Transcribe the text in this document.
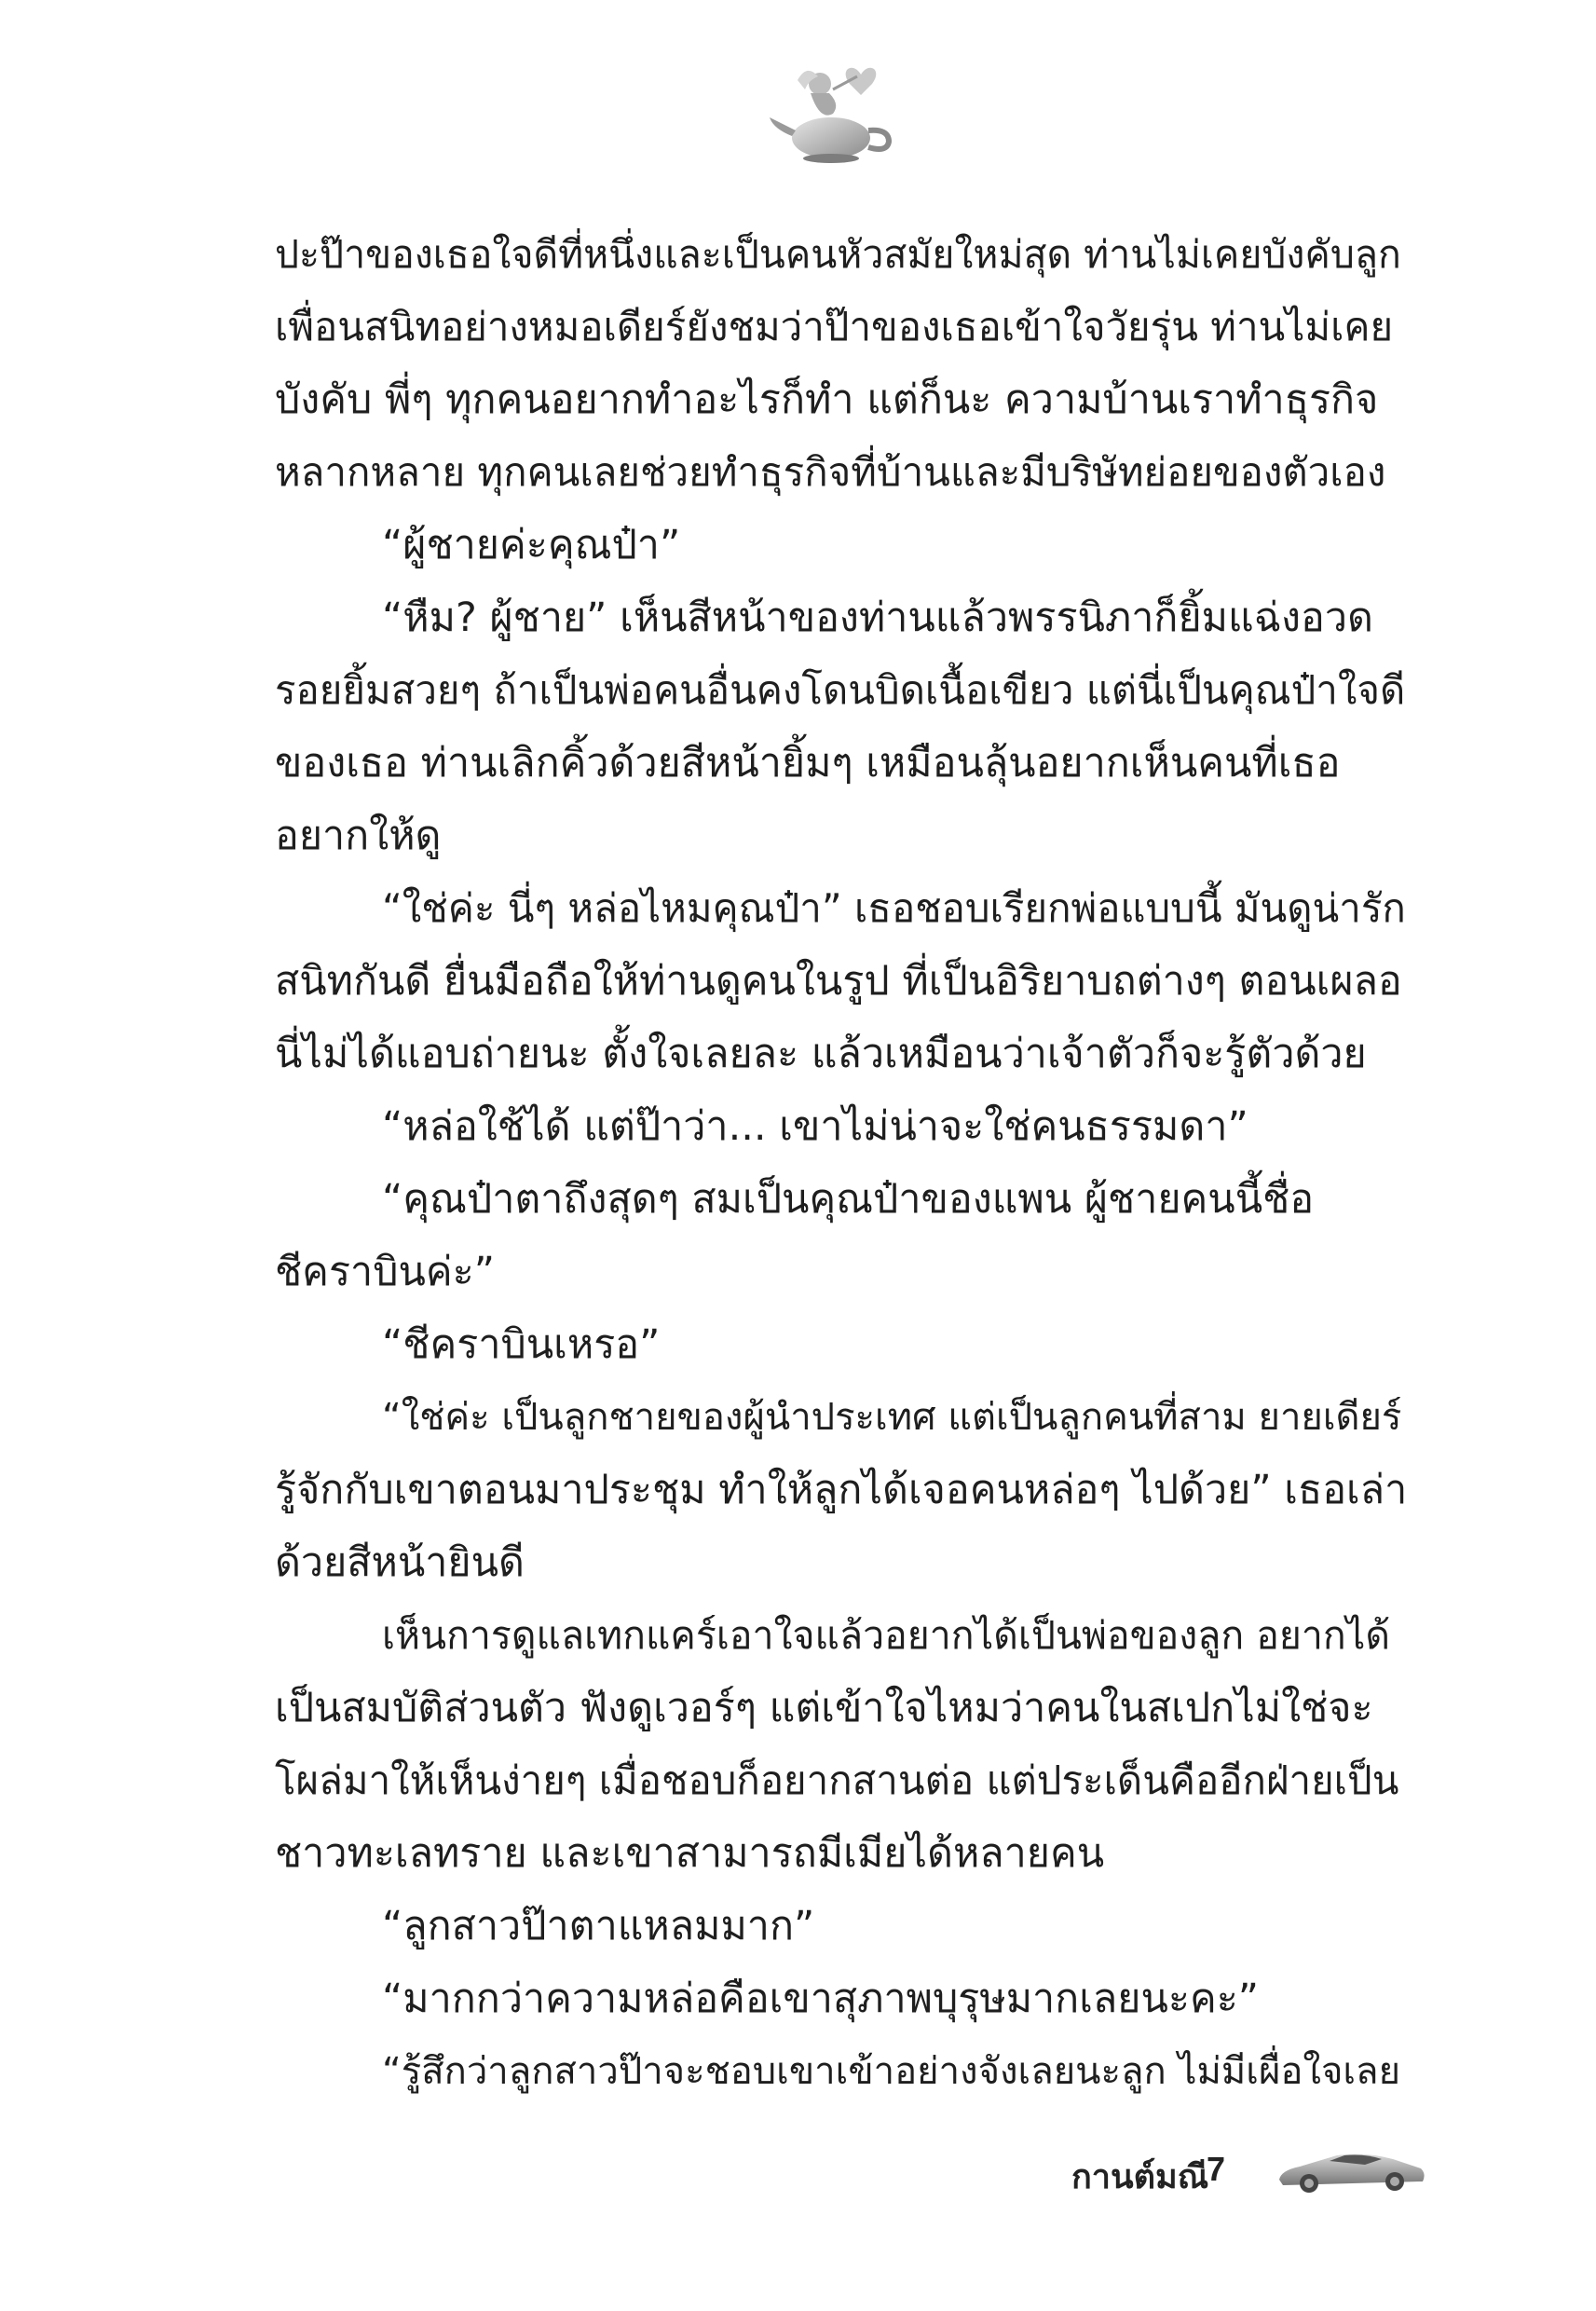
ปะป๊าของเธอใจดีที่หนึ่งและเป็นคนหัวสมัยใหม่สุด ท่านไม่เคยบังคับลูก
เพื่อนสนิทอย่างหมอเดียร์ยังชมว่าป๊าของเธอเข้าใจวัยรุ่น ท่านไม่เคย
บังคับ พี่ๆ ทุกคนอยากทำอะไรก็ทำ แต่ก็นะ ความบ้านเราทำธุรกิจ
หลากหลาย ทุกคนเลยช่วยทำธุรกิจที่บ้านและมีบริษัทย่อยของตัวเอง
“ผู้ชายค่ะคุณป๋า”
“หืม? ผู้ชาย” เห็นสีหน้าของท่านแล้วพรรนิภาก็ยิ้มแฉ่งอวด
รอยยิ้มสวยๆ ถ้าเป็นพ่อคนอื่นคงโดนบิดเนื้อเขียว แต่นี่เป็นคุณป๋าใจดี
ของเธอ ท่านเลิกคิ้วด้วยสีหน้ายิ้มๆ เหมือนลุ้นอยากเห็นคนที่เธอ
อยากให้ดู
“ใช่ค่ะ นี่ๆ หล่อไหมคุณป๋า” เธอชอบเรียกพ่อแบบนี้ มันดูน่ารัก
สนิทกันดี ยื่นมือถือให้ท่านดูคนในรูป ที่เป็นอิริยาบถต่างๆ ตอนเผลอ
นี่ไม่ได้แอบถ่ายนะ ตั้งใจเลยละ แล้วเหมือนว่าเจ้าตัวก็จะรู้ตัวด้วย
“หล่อใช้ได้ แต่ป๊าว่า... เขาไม่น่าจะใช่คนธรรมดา”
“คุณป๋าตาถึงสุดๆ สมเป็นคุณป๋าของแพน ผู้ชายคนนี้ชื่อ
ชีคราบินค่ะ”
“ชีคราบินเหรอ”
“ใช่ค่ะ เป็นลูกชายของผู้นำประเทศ แต่เป็นลูกคนที่สาม ยายเดียร์
รู้จักกับเขาตอนมาประชุม ทำให้ลูกได้เจอคนหล่อๆ ไปด้วย” เธอเล่า
ด้วยสีหน้ายินดี
เห็นการดูแลเทกแคร์เอาใจแล้วอยากได้เป็นพ่อของลูก อยากได้
เป็นสมบัติส่วนตัว ฟังดูเวอร์ๆ แต่เข้าใจไหมว่าคนในสเปกไม่ใช่จะ
โผล่มาให้เห็นง่ายๆ เมื่อชอบก็อยากสานต่อ แต่ประเด็นคืออีกฝ่ายเป็น
ชาวทะเลทราย และเขาสามารถมีเมียได้หลายคน
“ลูกสาวป๊าตาแหลมมาก”
“มากกว่าความหล่อคือเขาสุภาพบุรุษมากเลยนะคะ”
“รู้สึกว่าลูกสาวป๊าจะชอบเขาเข้าอย่างจังเลยนะลูก ไม่มีเผื่อใจเลย
กานต์มณี
7
